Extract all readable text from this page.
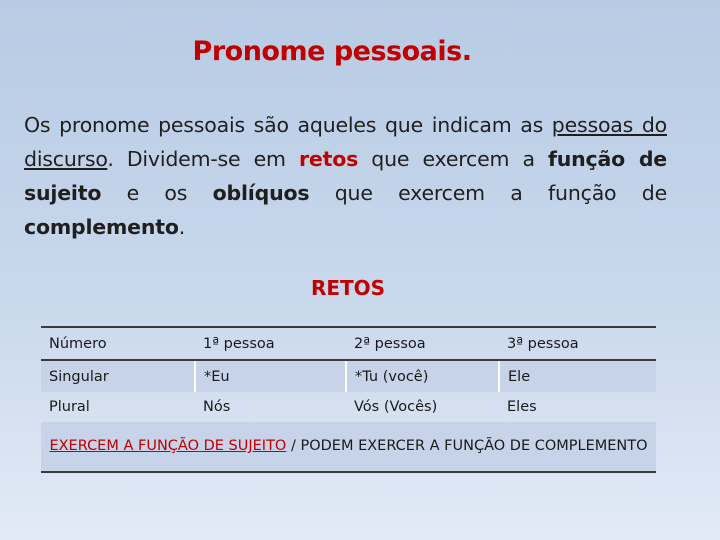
Pronome pessoais.
Os pronome pessoais são aqueles que indicam as pessoas do discurso. Dividem-se em retos que exercem a função de sujeito e os oblíquos que exercem a função de complemento.
RETOS
Número	1ª pessoa	2ª pessoa	3ª pessoa
Singular	*Eu	*Tu (você)	Ele
Plural	Nós	Vós (Vocês)	Eles
EXERCEM A FUNÇÃO DE SUJEITO / PODEM EXERCER A FUNÇÃO DE COMPLEMENTO			
